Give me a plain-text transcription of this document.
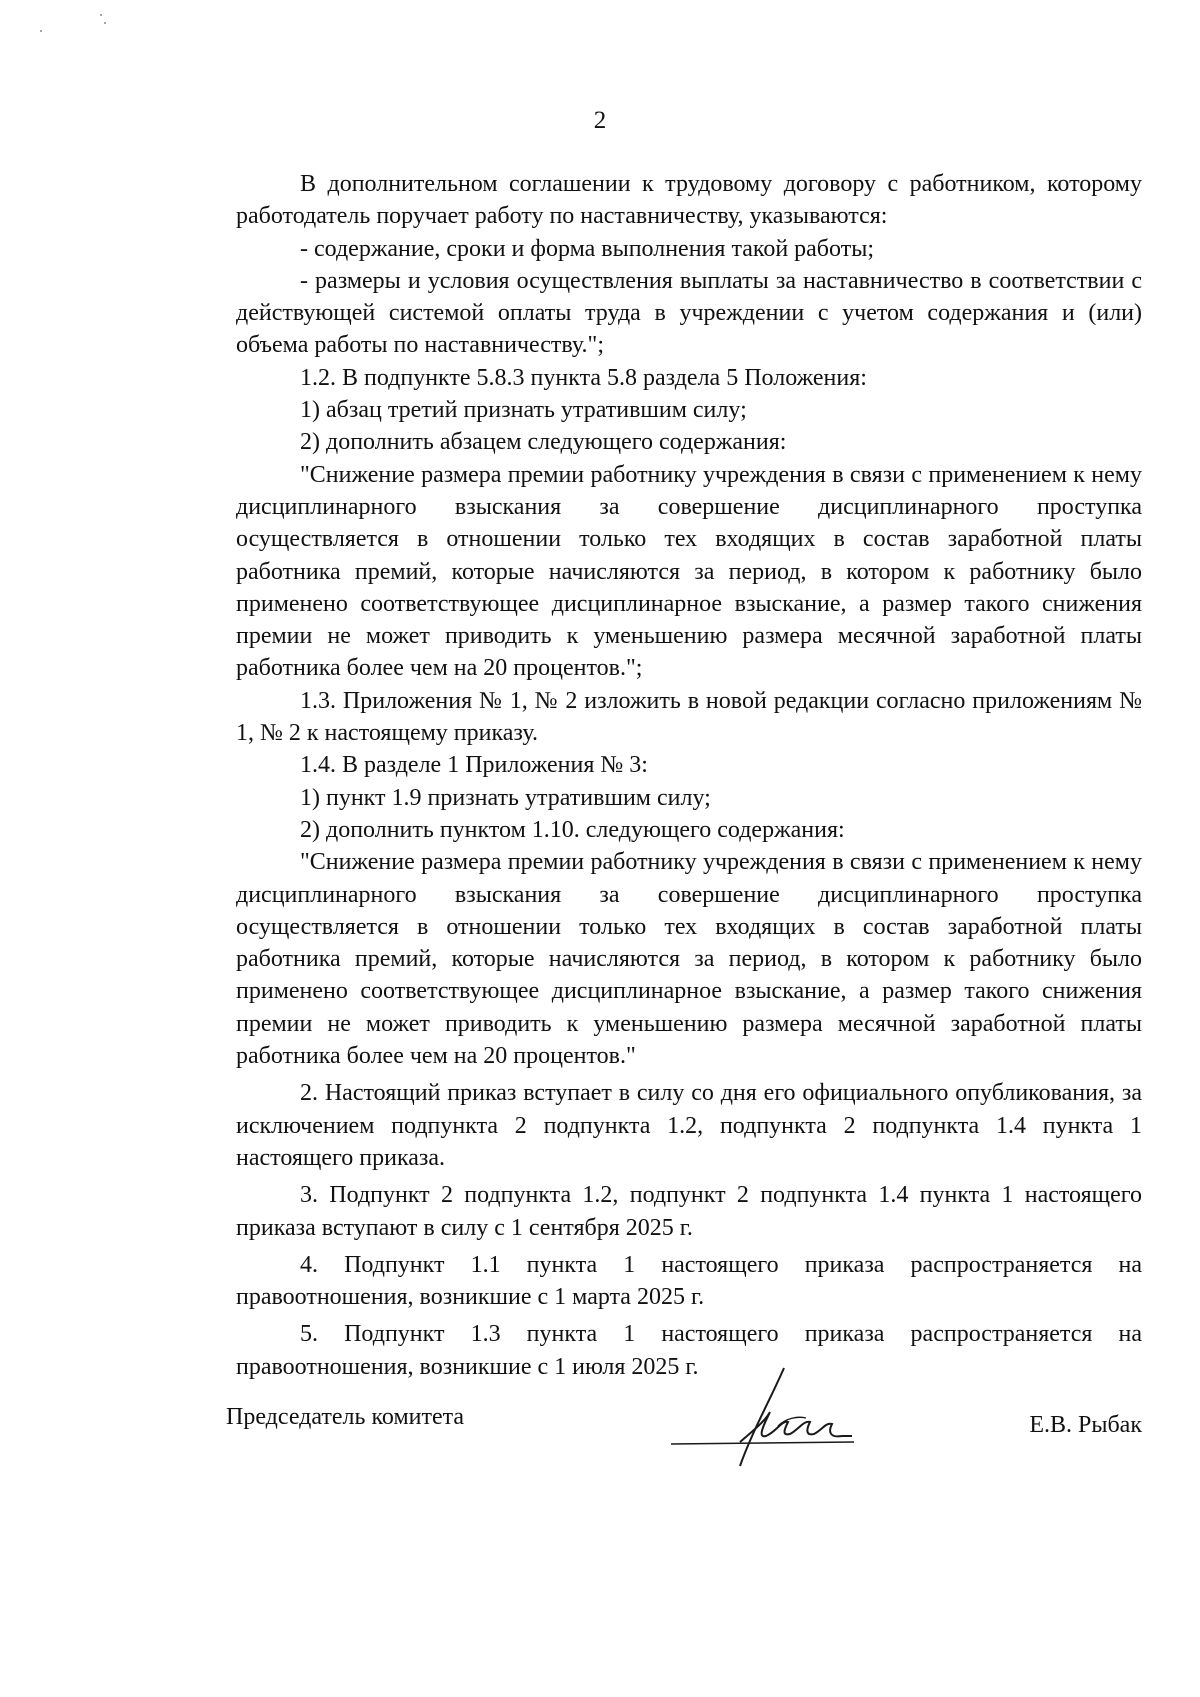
2

В дополнительном соглашении к трудовому договору с работником, которому работодатель поручает работу по наставничеству, указываются:

- содержание, сроки и форма выполнения такой работы;

- размеры и условия осуществления выплаты за наставничество в соответствии с действующей системой оплаты труда в учреждении с учетом содержания и (или) объема работы по наставничеству.";

1.2. В подпункте 5.8.3 пункта 5.8 раздела 5 Положения:

1) абзац третий признать утратившим силу;

2) дополнить абзацем следующего содержания:

"Снижение размера премии работнику учреждения в связи с применением к нему дисциплинарного взыскания за совершение дисциплинарного проступка осуществляется в отношении только тех входящих в состав заработной платы работника премий, которые начисляются за период, в котором к работнику было применено соответствующее дисциплинарное взыскание, а размер такого снижения премии не может приводить к уменьшению размера месячной заработной платы работника более чем на 20 процентов.";

1.3. Приложения № 1, № 2 изложить в новой редакции согласно приложениям № 1, № 2 к настоящему приказу.

1.4. В разделе 1 Приложения № 3:

1) пункт 1.9 признать утратившим силу;

2) дополнить пунктом 1.10. следующего содержания:

"Снижение размера премии работнику учреждения в связи с применением к нему дисциплинарного взыскания за совершение дисциплинарного проступка осуществляется в отношении только тех входящих в состав заработной платы работника премий, которые начисляются за период, в котором к работнику было применено соответствующее дисциплинарное взыскание, а размер такого снижения премии не может приводить к уменьшению размера месячной заработной платы работника более чем на 20 процентов."

2. Настоящий приказ вступает в силу со дня его официального опубликования, за исключением подпункта 2 подпункта 1.2, подпункта 2 подпункта 1.4 пункта 1 настоящего приказа.

3. Подпункт 2 подпункта 1.2, подпункт 2 подпункта 1.4 пункта 1 настоящего приказа вступают в силу с 1 сентября 2025 г.

4. Подпункт 1.1 пункта 1 настоящего приказа распространяется на правоотношения, возникшие с 1 марта 2025 г.

5. Подпункт 1.3 пункта 1 настоящего приказа распространяется на правоотношения, возникшие с 1 июля 2025 г.

Председатель комитета	Е.В. Рыбак
